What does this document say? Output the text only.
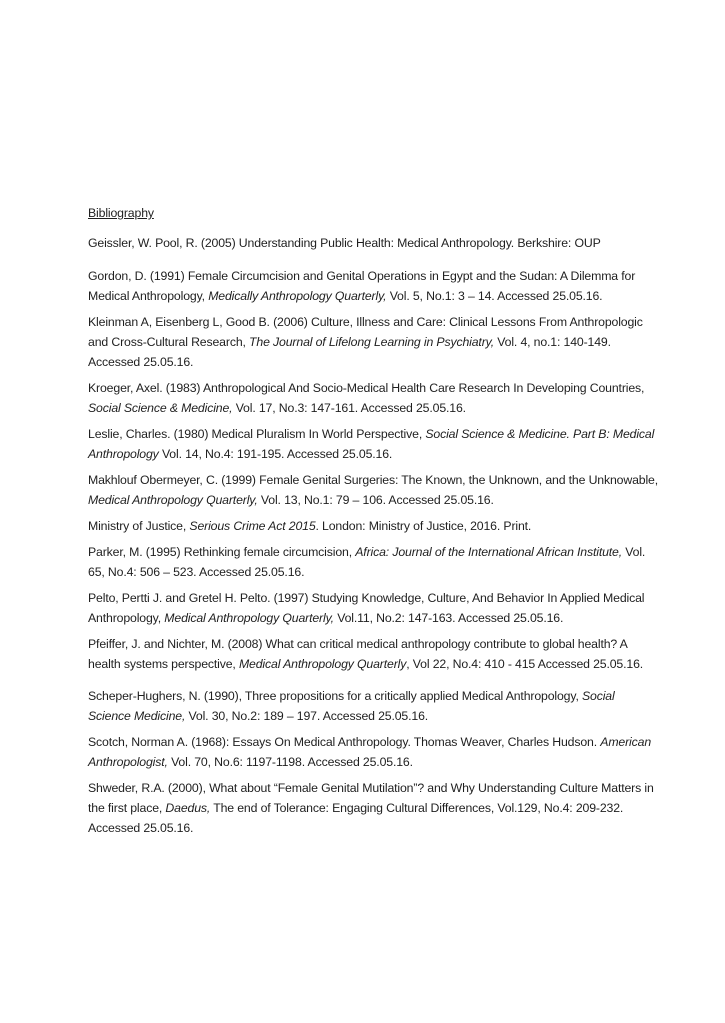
Bibliography
Geissler, W. Pool, R. (2005) Understanding Public Health: Medical Anthropology. Berkshire: OUP
Gordon, D. (1991) Female Circumcision and Genital Operations in Egypt and the Sudan: A Dilemma for Medical Anthropology, Medically Anthropology Quarterly, Vol. 5, No.1: 3 – 14. Accessed 25.05.16.
Kleinman A, Eisenberg L, Good B. (2006) Culture, Illness and Care: Clinical Lessons From Anthropologic and Cross-Cultural Research, The Journal of Lifelong Learning in Psychiatry, Vol. 4, no.1: 140-149. Accessed 25.05.16.
Kroeger, Axel. (1983) Anthropological And Socio-Medical Health Care Research In Developing Countries, Social Science & Medicine, Vol. 17, No.3: 147-161. Accessed 25.05.16.
Leslie, Charles. (1980) Medical Pluralism In World Perspective, Social Science & Medicine. Part B: Medical Anthropology Vol. 14, No.4: 191-195. Accessed 25.05.16.
Makhlouf Obermeyer, C. (1999) Female Genital Surgeries: The Known, the Unknown, and the Unknowable, Medical Anthropology Quarterly, Vol. 13, No.1: 79 – 106. Accessed 25.05.16.
Ministry of Justice, Serious Crime Act 2015. London: Ministry of Justice, 2016. Print.
Parker, M. (1995) Rethinking female circumcision, Africa: Journal of the International African Institute, Vol. 65, No.4: 506 – 523. Accessed 25.05.16.
Pelto, Pertti J. and Gretel H. Pelto. (1997) Studying Knowledge, Culture, And Behavior In Applied Medical Anthropology, Medical Anthropology Quarterly, Vol.11, No.2: 147-163. Accessed 25.05.16.
Pfeiffer, J. and Nichter, M. (2008) What can critical medical anthropology contribute to global health? A health systems perspective, Medical Anthropology Quarterly, Vol 22, No.4: 410 - 415 Accessed 25.05.16.
Scheper-Hughers, N. (1990), Three propositions for a critically applied Medical Anthropology, Social Science Medicine, Vol. 30, No.2: 189 – 197. Accessed 25.05.16.
Scotch, Norman A. (1968): Essays On Medical Anthropology. Thomas Weaver, Charles Hudson. American Anthropologist, Vol. 70, No.6: 1197-1198. Accessed 25.05.16.
Shweder, R.A. (2000), What about “Female Genital Mutilation”? and Why Understanding Culture Matters in the first place, Daedus, The end of Tolerance: Engaging Cultural Differences, Vol.129, No.4: 209-232. Accessed 25.05.16.
